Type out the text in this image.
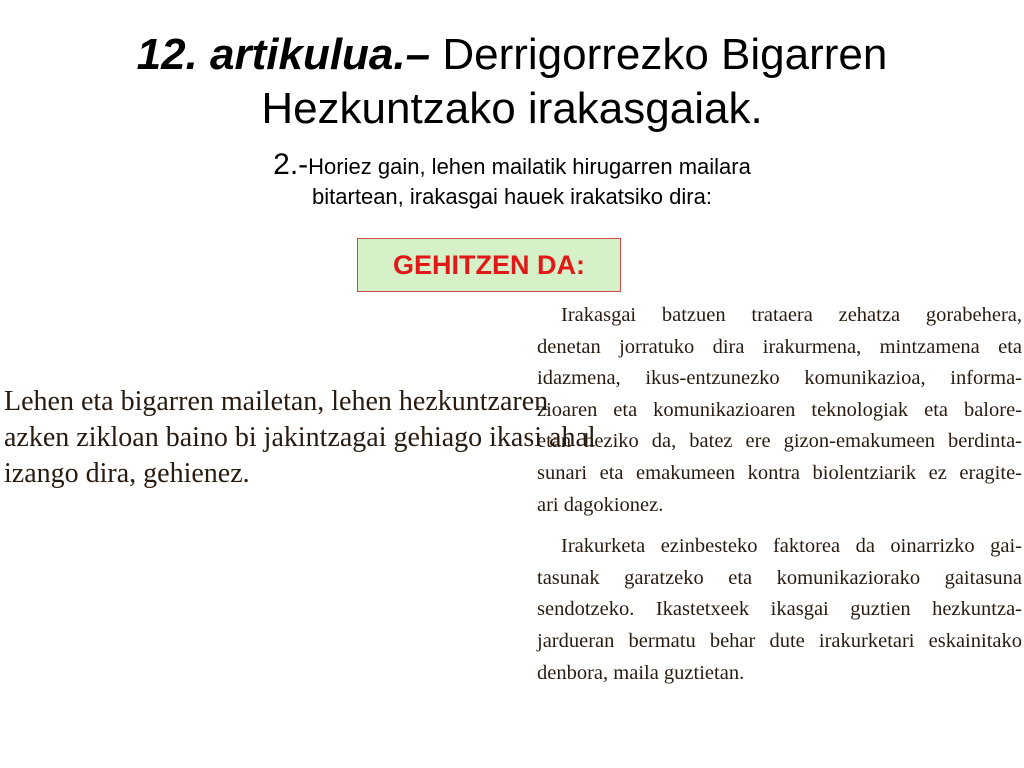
12. artikulua.– Derrigorrezko Bigarren
Hezkuntzako irakasgaiak.
2.-Horiez gain, lehen mailatik hirugarren mailara
bitartean, irakasgai hauek irakatsiko dira:
GEHITZEN DA:
Lehen eta bigarren mailetan, lehen hezkuntzaren
azken zikloan baino bi jakintzagai gehiago ikasi ahal
izango dira, gehienez.
Irakasgai batzuen trataera zehatza gorabehera,
denetan jorratuko dira irakurmena, mintzamena eta
idazmena, ikus-entzunezko komunikazioa, informa-
zioaren eta komunikazioaren teknologiak eta balore-
etan heziko da, batez ere gizon-emakumeen berdinta-
sunari eta emakumeen kontra biolentziarik ez eragite-
ari dagokionez.
Irakurketa ezinbesteko faktorea da oinarrizko gai-
tasunak garatzeko eta komunikaziorako gaitasuna
sendotzeko. Ikastetxeek ikasgai guztien hezkuntza-
jardueran bermatu behar dute irakurketari eskainitako
denbora, maila guztietan.
